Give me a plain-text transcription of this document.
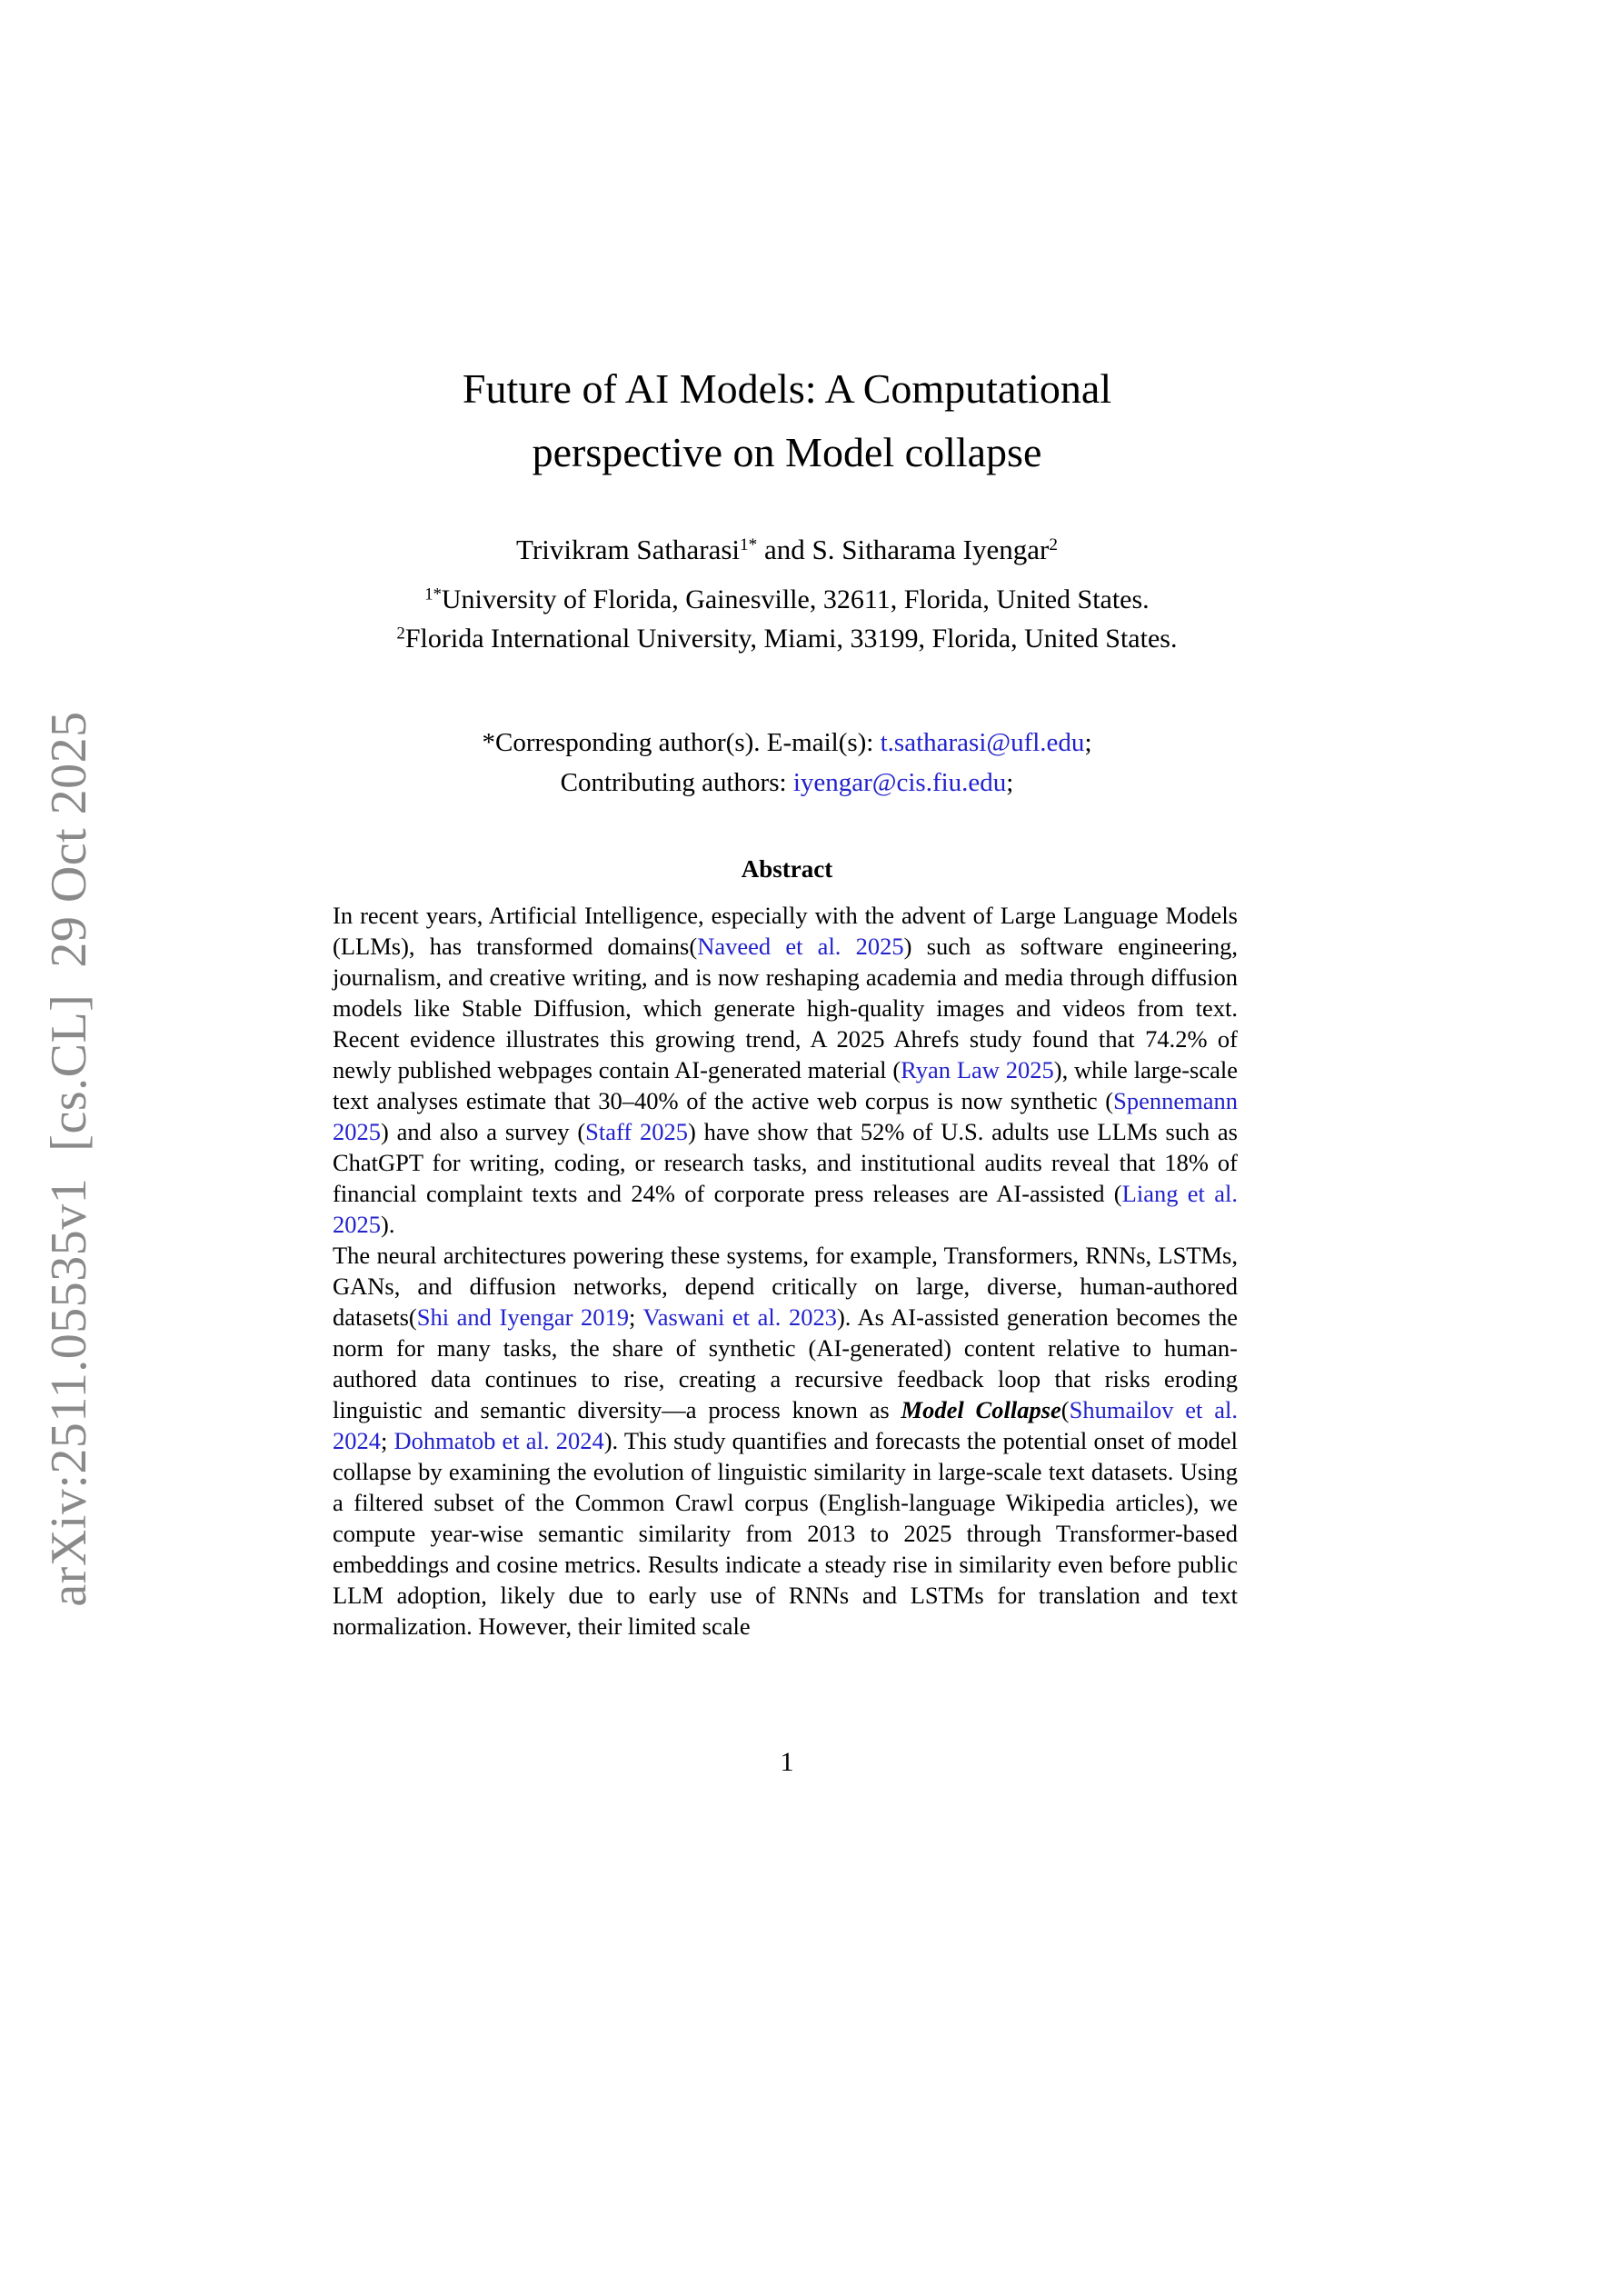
arXiv:2511.05535v1  [cs.CL]  29 Oct 2025
Future of AI Models: A Computational
perspective on Model collapse
Trivikram Satharasi$^{1*}$ and S. Sitharama Iyengar$^2$
$^{1*}$University of Florida, Gainesville, 32611, Florida, United States.
$^2$Florida International University, Miami, 33199, Florida, United States.
*Corresponding author(s). E-mail(s): t.satharasi@ufl.edu;
Contributing authors: iyengar@cis.fiu.edu;
Abstract

In recent years, Artificial Intelligence, especially with the advent of Large Language Models (LLMs), has transformed domains(Naveed et al. 2025) such as software engineering, journalism, and creative writing, and is now reshaping academia and media through diffusion models like Stable Diffusion, which generate high-quality images and videos from text. Recent evidence illustrates this growing trend, A 2025 Ahrefs study found that 74.2% of newly published webpages contain AI-generated material (Ryan Law 2025), while large-scale text analyses estimate that 30–40% of the active web corpus is now synthetic (Spennemann 2025) and also a survey (Staff 2025) have show that 52% of U.S. adults use LLMs such as ChatGPT for writing, coding, or research tasks, and institutional audits reveal that 18% of financial complaint texts and 24% of corporate press releases are AI-assisted (Liang et al. 2025).

The neural architectures powering these systems, for example, Transformers, RNNs, LSTMs, GANs, and diffusion networks, depend critically on large, diverse, human-authored datasets(Shi and Iyengar 2019; Vaswani et al. 2023). As AI-assisted generation becomes the norm for many tasks, the share of synthetic (AI-generated) content relative to human-authored data continues to rise, creating a recursive feedback loop that risks eroding linguistic and semantic diversity—a process known as Model Collapse(Shumailov et al. 2024; Dohmatob et al. 2024). This study quantifies and forecasts the potential onset of model collapse by examining the evolution of linguistic similarity in large-scale text datasets. Using a filtered subset of the Common Crawl corpus (English-language Wikipedia articles), we compute year-wise semantic similarity from 2013 to 2025 through Transformer-based embeddings and cosine metrics. Results indicate a steady rise in similarity even before public LLM adoption, likely due to early use of RNNs and LSTMs for translation and text normalization. However, their limited scale

1
